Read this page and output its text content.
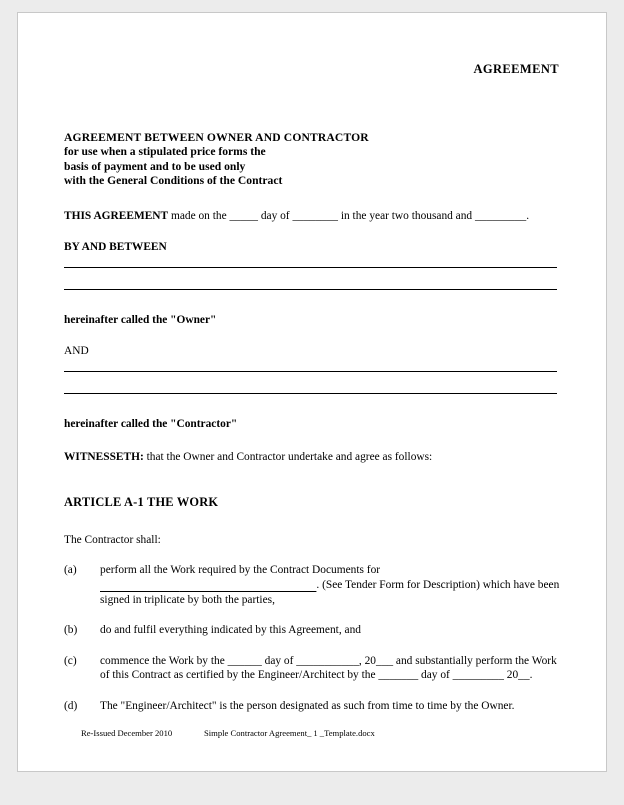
AGREEMENT
AGREEMENT BETWEEN OWNER AND CONTRACTOR
for use when a stipulated price forms the
basis of payment and to be used only
with the General Conditions of the Contract

THIS AGREEMENT made on the _____ day of ________ in the year two thousand and _________.

BY AND BETWEEN

hereinafter called the "Owner"

AND

hereinafter called the "Contractor"

WITNESSETH: that the Owner and Contractor undertake and agree as follows:

ARTICLE A-1 THE WORK

The Contractor shall:

(a)	perform all the Work required by the Contract Documents for                                                                             . (See Tender Form for Description) which have been signed in triplicate by both the parties,
(b)	do and fulfil everything indicated by this Agreement, and
(c)	commence the Work by the ______ day of ___________, 20___ and substantially perform the Work of this Contract as certified by the Engineer/Architect by the _______ day of _________ 20__.
(d)	The "Engineer/Architect" is the person designated as such from time to time by the Owner.
Re-Issued December 2010	Simple Contractor Agreement_ 1 _Template.docx
